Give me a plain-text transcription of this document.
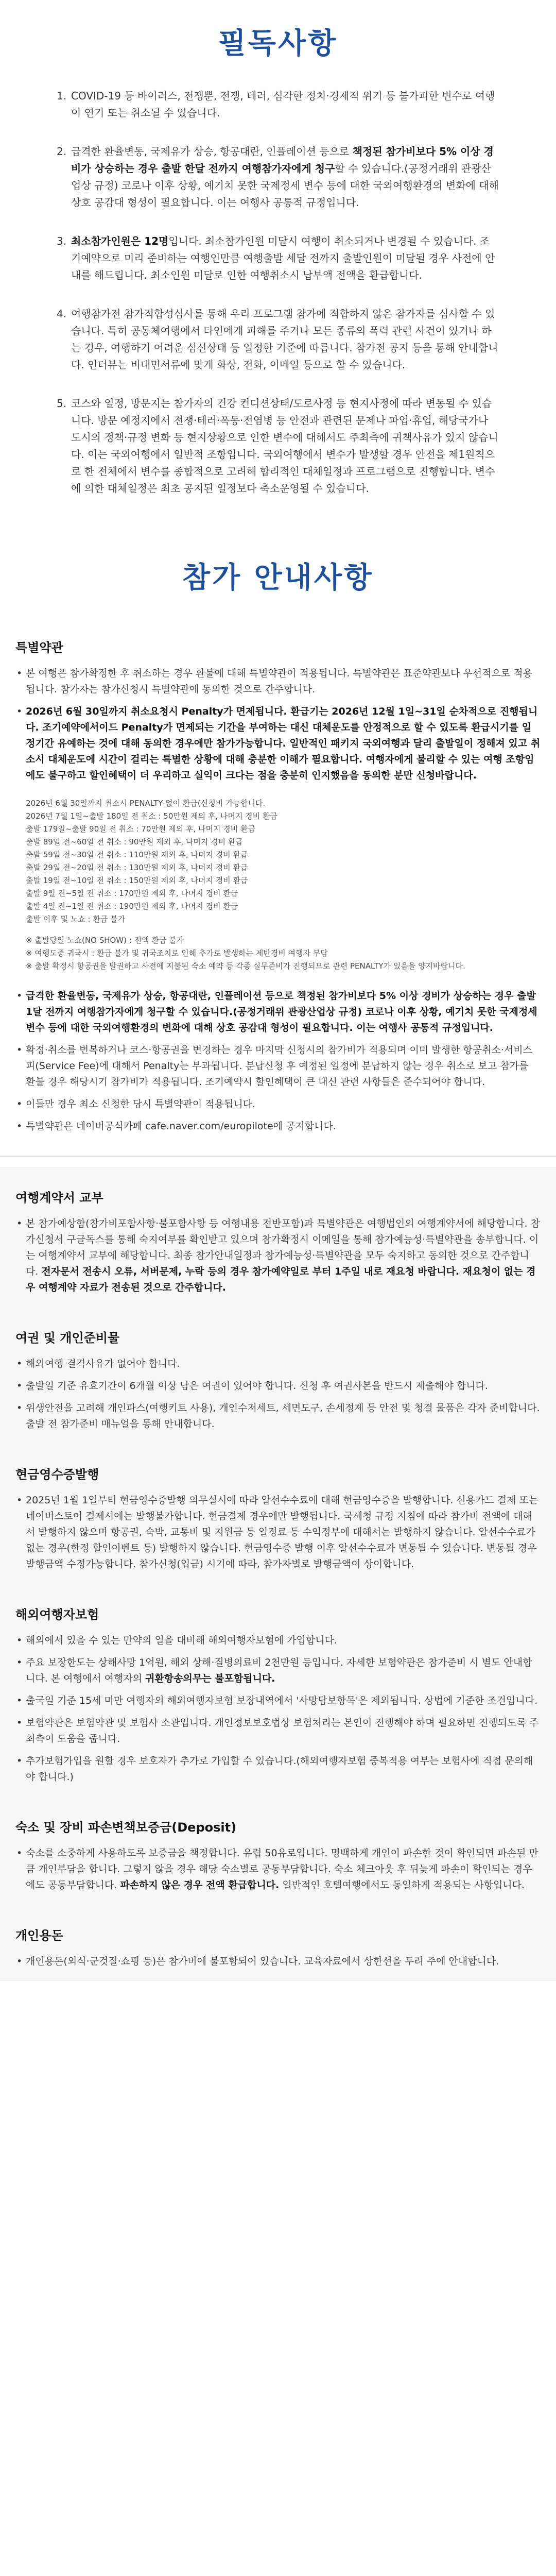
필독사항
1. COVID-19 등 바이러스, 전쟁뿐, 전쟁, 테러, 심각한 정치·경제적 위기 등 불가피한 변수로 여행이 연기 또는 취소될 수 있습니다.
2. 급격한 환율변동, 국제유가 상승, 항공대란, 인플레이션 등으로 책정된 참가비보다 5% 이상 경비가 상승하는 경우 출발 한달 전까지 여행참가자에게 청구할 수 있습니다.(공정거래위 관광산업상 규정) 코로나 이후 상황, 예기치 못한 국제정세 변수 등에 대한 국외여행환경의 변화에 대해 상호 공감대 형성이 필요합니다. 이는 여행사 공통적 규정입니다.
3. 최소참가인원은 12명입니다. 최소참가인원 미달시 여행이 취소되거나 변경될 수 있습니다. 조기예약으로 미리 준비하는 여행인만큼 여행출발 세달 전까지 출발인원이 미달될 경우 사전에 안내를 해드립니다. 최소인원 미달로 인한 여행취소시 납부액 전액을 환급합니다.
4. 여행참가전 참가적합성심사를 통해 우리 프로그램 참가에 적합하지 않은 참가자를 심사할 수 있습니다. 특히 공동체여행에서 타인에게 피해를 주거나 모든 종류의 폭력 관련 사건이 있거나 하는 경우, 여행하기 어려운 심신상태 등 일정한 기준에 따릅니다. 참가전 공지 등을 통해 안내합니다. 인터뷰는 비대면서류에 맞게 화상, 전화, 이메일 등으로 할 수 있습니다.
5. 코스와 일정, 방문지는 참가자의 건강 컨디션상태/도로사정 등 현지사정에 따라 변동될 수 있습니다. 방문 예정지에서 전쟁·테러·폭동·전염병 등 안전과 관련된 문제나 파업·휴업, 해당국가나 도시의 정책·규정 변화 등 현지상황으로 인한 변수에 대해서도 주최측에 귀책사유가 있지 않습니다. 이는 국외여행에서 일반적 조항입니다. 국외여행에서 변수가 발생할 경우 안전을 제1원칙으로 한 전체에서 변수를 종합적으로 고려해 합리적인 대체일정과 프로그램으로 진행합니다. 변수에 의한 대체일정은 최초 공지된 일정보다 축소운영될 수 있습니다.
참가 안내사항
특별약관
• 본 여행은 참가확정한 후 취소하는 경우 환불에 대해 특별약관이 적용됩니다. 특별약관은 표준약관보다 우선적으로 적용됩니다. 참가자는 참가신청시 특별약관에 동의한 것으로 간주합니다.
• 2026년 6월 30일까지 취소요청시 Penalty가 면제됩니다. 환급기는 2026년 12월 1일~31일 순차적으로 진행됩니다. 조기예약에서이드 Penalty가 면제되는 기간을 부여하는 대신 대체운도를 안정적으로 할 수 있도록 환급시기를 일정기간 유예하는 것에 대해 동의한 경우에만 참가가능합니다. 일반적인 패키지 국외여행과 달리 출발일이 정해져 있고 취소시 대체운도에 시간이 걸리는 특별한 상황에 대해 충분한 이해가 필요합니다. 여행자에게 불리할 수 있는 여행 조항임에도 불구하고 할인혜택이 더 우리하고 실익이 크다는 점을 충분히 인지했음을 동의한 분만 신청바랍니다.
2026년 6월 30일까지 취소시 PENALTY 없이 환급(신청비 가능합니다.
2026년 7월 1일~출발 180일 전 취소 : 50만원 제외 후, 나머지 경비 환급
출발 179일~출발 90일 전 취소 : 70만원 제외 후, 나머지 경비 환급
출발 89일 전~60일 전 취소 : 90만원 제외 후, 나머지 경비 환급
출발 59일 전~30일 전 취소 : 110만원 제외 후, 나머지 경비 환급
출발 29일 전~20일 전 취소 : 130만원 제외 후, 나머지 경비 환급
출발 19일 전~10일 전 취소 : 150만원 제외 후, 나머지 경비 환급
출발 9일 전~5일 전 취소 : 170만원 제외 후, 나머지 경비 환급
출발 4일 전~1일 전 취소 : 190만원 제외 후, 나머지 경비 환급
출발 이후 및 노쇼 : 환급 불가
※ 출발당일 노쇼(NO SHOW) : 전액 환급 불가
※ 여행도중 귀국시 : 환급 불가 및 귀국조치로 인해 추가로 발생하는 제반경비 여행자 부담
※ 출발 확정시 항공권을 발권하고 사전에 지불된 숙소 예약 등 각종 실무준비가 진행되므로 관련 PENALTY가 있음을 양지바랍니다.
• 급격한 환율변동, 국제유가 상승, 항공대란, 인플레이션 등으로 책정된 참가비보다 5% 이상 경비가 상승하는 경우 출발 1달 전까지 여행참가자에게 청구할 수 있습니다.(공정거래위 관광산업상 규정) 코로나 이후 상황, 예기치 못한 국제정세 변수 등에 대한 국외여행환경의 변화에 대해 상호 공감대 형성이 필요합니다. 이는 여행사 공통적 규정입니다.
• 확정·취소를 번복하거나 코스·항공권을 변경하는 경우 마지막 신청시의 참가비가 적용되며 이미 발생한 항공취소·서비스피(Service Fee)에 대해서 Penalty는 부과됩니다. 분납신청 후 예정된 일정에 분납하지 않는 경우 취소로 보고 참가를 환불 경우 해당시기 참가비가 적용됩니다. 조기예약시 할인혜택이 큰 대신 관련 사항들은 준수되어야 합니다.
• 이들만 경우 최소 신청한 당시 특별약관이 적용됩니다.
• 특별약관은 네이버공식카페 cafe.naver.com/europilote에 공지합니다.
여행계약서 교부
• 본 참가예상함(참가비포함사항·불포함사항 등 여행내용 전반포함)과 특별약관은 여행법인의 여행계약서에 해당합니다. 참가신청서 구글독스를 통해 숙지여부를 확인받고 있으며 참가확정시 이메일을 통해 참가예능성·특별약관을 송부합니다. 이는 여행계약서 교부에 해당합니다. 최종 참가안내일정과 참가예능성·특별약관을 모두 숙지하고 동의한 것으로 간주합니다. 전자문서 전송시 오류, 서버문제, 누락 등의 경우 참가예약일로 부터 1주일 내로 재요청 바랍니다. 재요청이 없는 경우 여행계약 자료가 전송된 것으로 간주합니다.
여권 및 개인준비물
• 해외여행 결격사유가 없어야 합니다.
• 출발일 기준 유효기간이 6개월 이상 남은 여권이 있어야 합니다. 신청 후 여권사본을 반드시 제출해야 합니다.
• 위생안전을 고려해 개인파스(여행키트 사용), 개인수저세트, 세면도구, 손세정제 등 안전 및 청결 물품은 각자 준비합니다. 출발 전 참가준비 매뉴얼을 통해 안내합니다.
현금영수증발행
• 2025년 1월 1일부터 현금영수증발행 의무실시에 따라 알선수수료에 대해 현금영수증을 발행합니다. 신용카드 결제 또는 네이버스토어 결제시에는 발행불가합니다. 현금결제 경우에만 발행됩니다. 국세청 규정 지침에 따라 참가비 전액에 대해서 발행하지 않으며 항공권, 숙박, 교통비 및 지원금 등 일정료 등 수익정부에 대해서는 발행하지 않습니다. 알선수수료가 없는 경우(한정 할인이벤트 등) 발행하지 않습니다. 현금영수증 발행 이후 알선수수료가 변동될 수 있습니다. 변동될 경우 발행금액 수정가능합니다. 참가신청(입금) 시기에 따라, 참가자별로 발행금액이 상이합니다.
해외여행자보험
• 해외에서 있을 수 있는 만약의 일을 대비해 해외여행자보험에 가입합니다.
• 주요 보장한도는 상해사망 1억원, 해외 상해·질병의료비 2천만원 등입니다. 자세한 보험약관은 참가준비 시 별도 안내합니다. 본 여행에서 여행자의 귀환항송의무는 불포함됩니다.
• 출국일 기준 15세 미만 여행자의 해외여행자보험 보장내역에서 '사망담보항목'은 제외됩니다. 상법에 기준한 조건입니다.
• 보험약관은 보험약관 및 보험사 소관입니다. 개인정보보호법상 보험처리는 본인이 진행해야 하며 필요하면 진행되도록 주최측이 도움을 줍니다.
• 추가보험가입을 원할 경우 보호자가 추가로 가입할 수 있습니다.(해외여행자보험 중복적용 여부는 보험사에 직접 문의해야 합니다.)
숙소 및 장비 파손변책보증금(Deposit)
• 숙소를 소중하게 사용하도록 보증금을 책정합니다. 유럽 50유로입니다. 명백하게 개인이 파손한 것이 확인되면 파손된 만큼 개인부담을 합니다. 그렇지 않을 경우 해당 숙소별로 공동부담합니다. 숙소 체크아웃 후 뒤늦게 파손이 확인되는 경우에도 공동부담합니다. 파손하지 않은 경우 전액 환급합니다. 일반적인 호텔여행에서도 동일하게 적용되는 사항입니다.
개인용돈
• 개인용돈(외식·군것질·쇼핑 등)은 참가비에 불포함되어 있습니다. 교육자료에서 상한선을 두려 주에 안내합니다.
